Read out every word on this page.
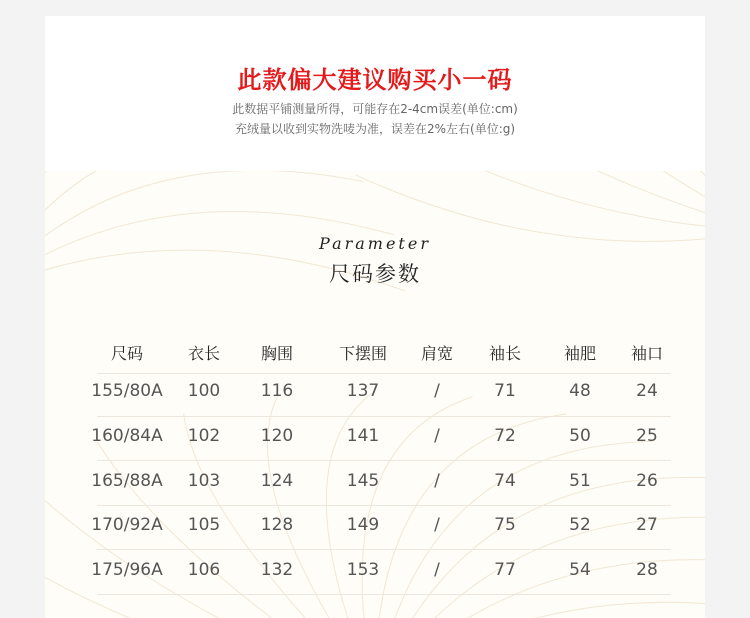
此款偏大建议购买小一码
此数据平铺测量所得，可能存在2-4cm误差(单位:cm)
充绒量以收到实物洗唛为准，误差在2%左右(单位:g)
Parameter
尺码参数
尺码	衣长	胸围	下摆围	肩宽	袖长	袖肥	袖口
155/80A	100	116	137	/	71	48	24
160/84A	102	120	141	/	72	50	25
165/88A	103	124	145	/	74	51	26
170/92A	105	128	149	/	75	52	27
175/96A	106	132	153	/	77	54	28
